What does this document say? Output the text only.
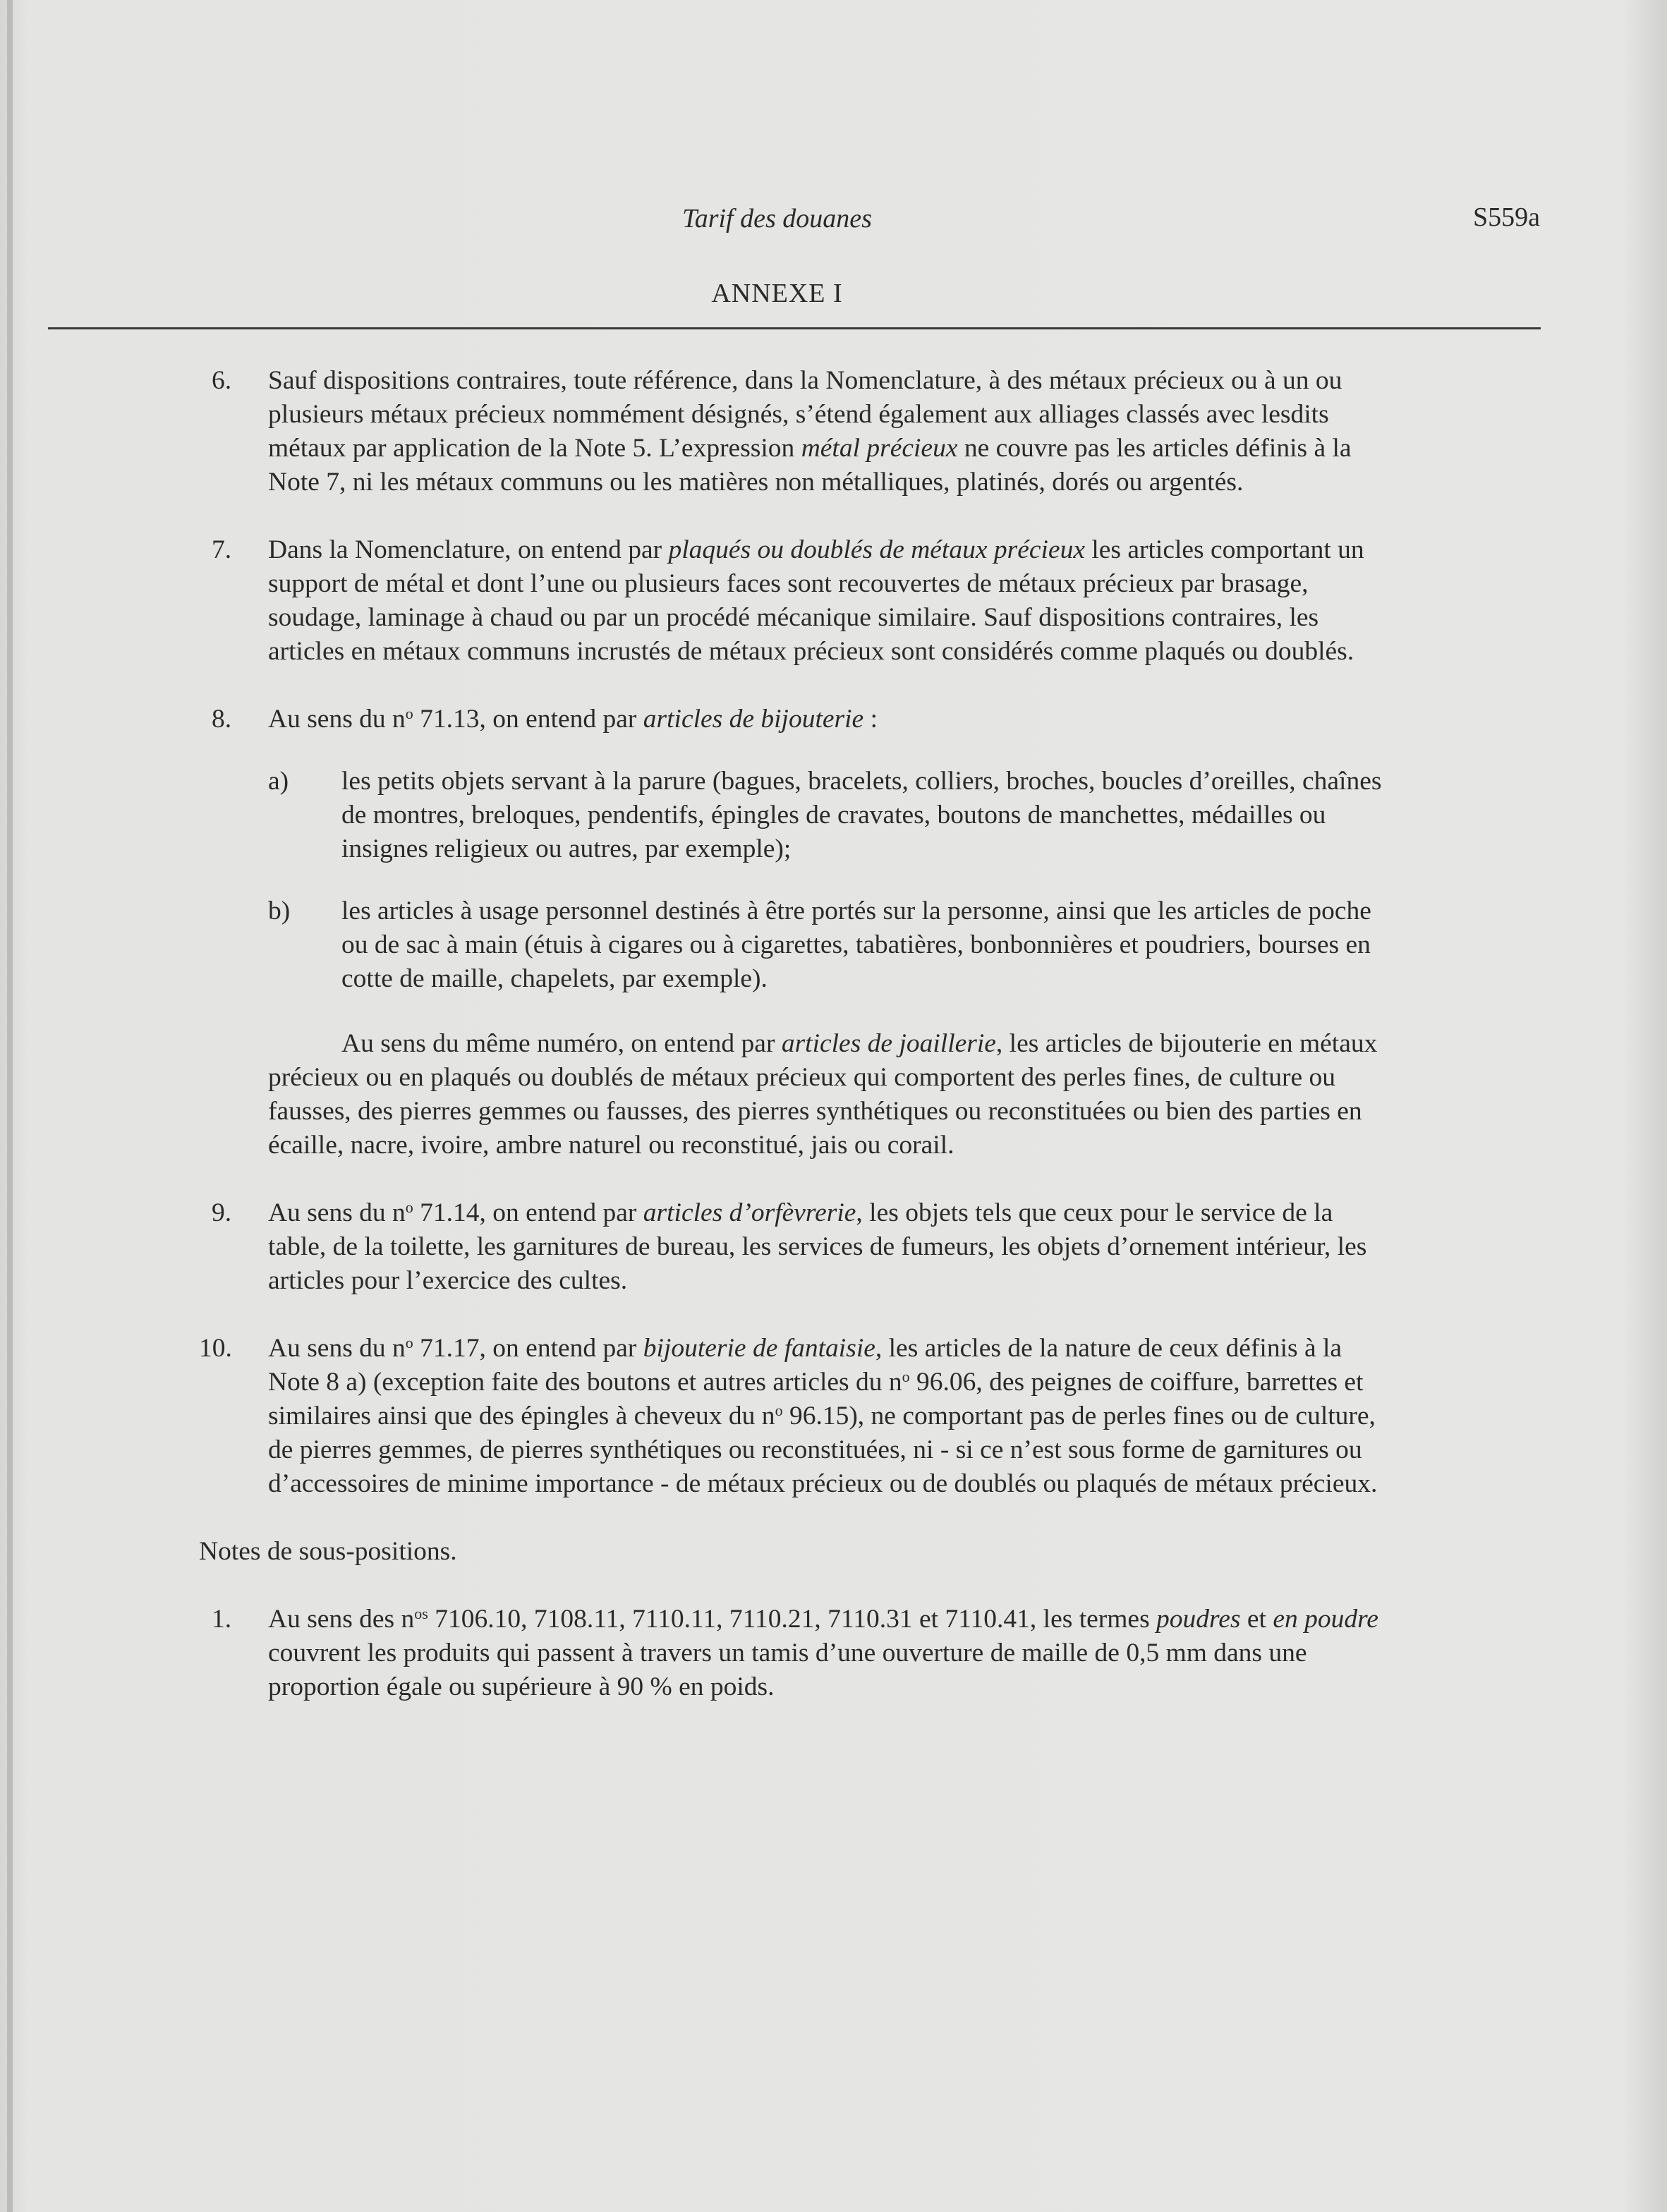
Tarif des douanes	S559a
ANNEXE I
6. Sauf dispositions contraires, toute référence, dans la Nomenclature, à des métaux précieux ou à un ou plusieurs métaux précieux nommément désignés, s’étend également aux alliages classés avec lesdits métaux par application de la Note 5. L’expression métal précieux ne couvre pas les articles définis à la Note 7, ni les métaux communs ou les matières non métalliques, platinés, dorés ou argentés.
7. Dans la Nomenclature, on entend par plaqués ou doublés de métaux précieux les articles comportant un support de métal et dont l’une ou plusieurs faces sont recouvertes de métaux précieux par brasage, soudage, laminage à chaud ou par un procédé mécanique similaire. Sauf dispositions contraires, les articles en métaux communs incrustés de métaux précieux sont considérés comme plaqués ou doublés.
8. Au sens du $n^o$ 71.13, on entend par articles de bijouterie :
a) les petits objets servant à la parure (bagues, bracelets, colliers, broches, boucles d’oreilles, chaînes de montres, breloques, pendentifs, épingles de cravates, boutons de manchettes, médailles ou insignes religieux ou autres, par exemple);
b) les articles à usage personnel destinés à être portés sur la personne, ainsi que les articles de poche ou de sac à main (étuis à cigares ou à cigarettes, tabatières, bonbonnières et poudriers, bourses en cotte de maille, chapelets, par exemple).
Au sens du même numéro, on entend par articles de joaillerie, les articles de bijouterie en métaux précieux ou en plaqués ou doublés de métaux précieux qui comportent des perles fines, de culture ou fausses, des pierres gemmes ou fausses, des pierres synthétiques ou reconstituées ou bien des parties en écaille, nacre, ivoire, ambre naturel ou reconstitué, jais ou corail.
9. Au sens du $n^o$ 71.14, on entend par articles d’orfèvrerie, les objets tels que ceux pour le service de la table, de la toilette, les garnitures de bureau, les services de fumeurs, les objets d’ornement intérieur, les articles pour l’exercice des cultes.
10. Au sens du $n^o$ 71.17, on entend par bijouterie de fantaisie, les articles de la nature de ceux définis à la Note 8 a) (exception faite des boutons et autres articles du $n^o$ 96.06, des peignes de coiffure, barrettes et similaires ainsi que des épingles à cheveux du $n^o$ 96.15), ne comportant pas de perles fines ou de culture, de pierres gemmes, de pierres synthétiques ou reconstituées, ni - si ce n’est sous forme de garnitures ou d’accessoires de minime importance - de métaux précieux ou de doublés ou plaqués de métaux précieux.
Notes de sous-positions.
1. Au sens des $n^{os}$ 7106.10, 7108.11, 7110.11, 7110.21, 7110.31 et 7110.41, les termes poudres et en poudre couvrent les produits qui passent à travers un tamis d’une ouverture de maille de 0,5 mm dans une proportion égale ou supérieure à 90 % en poids.
